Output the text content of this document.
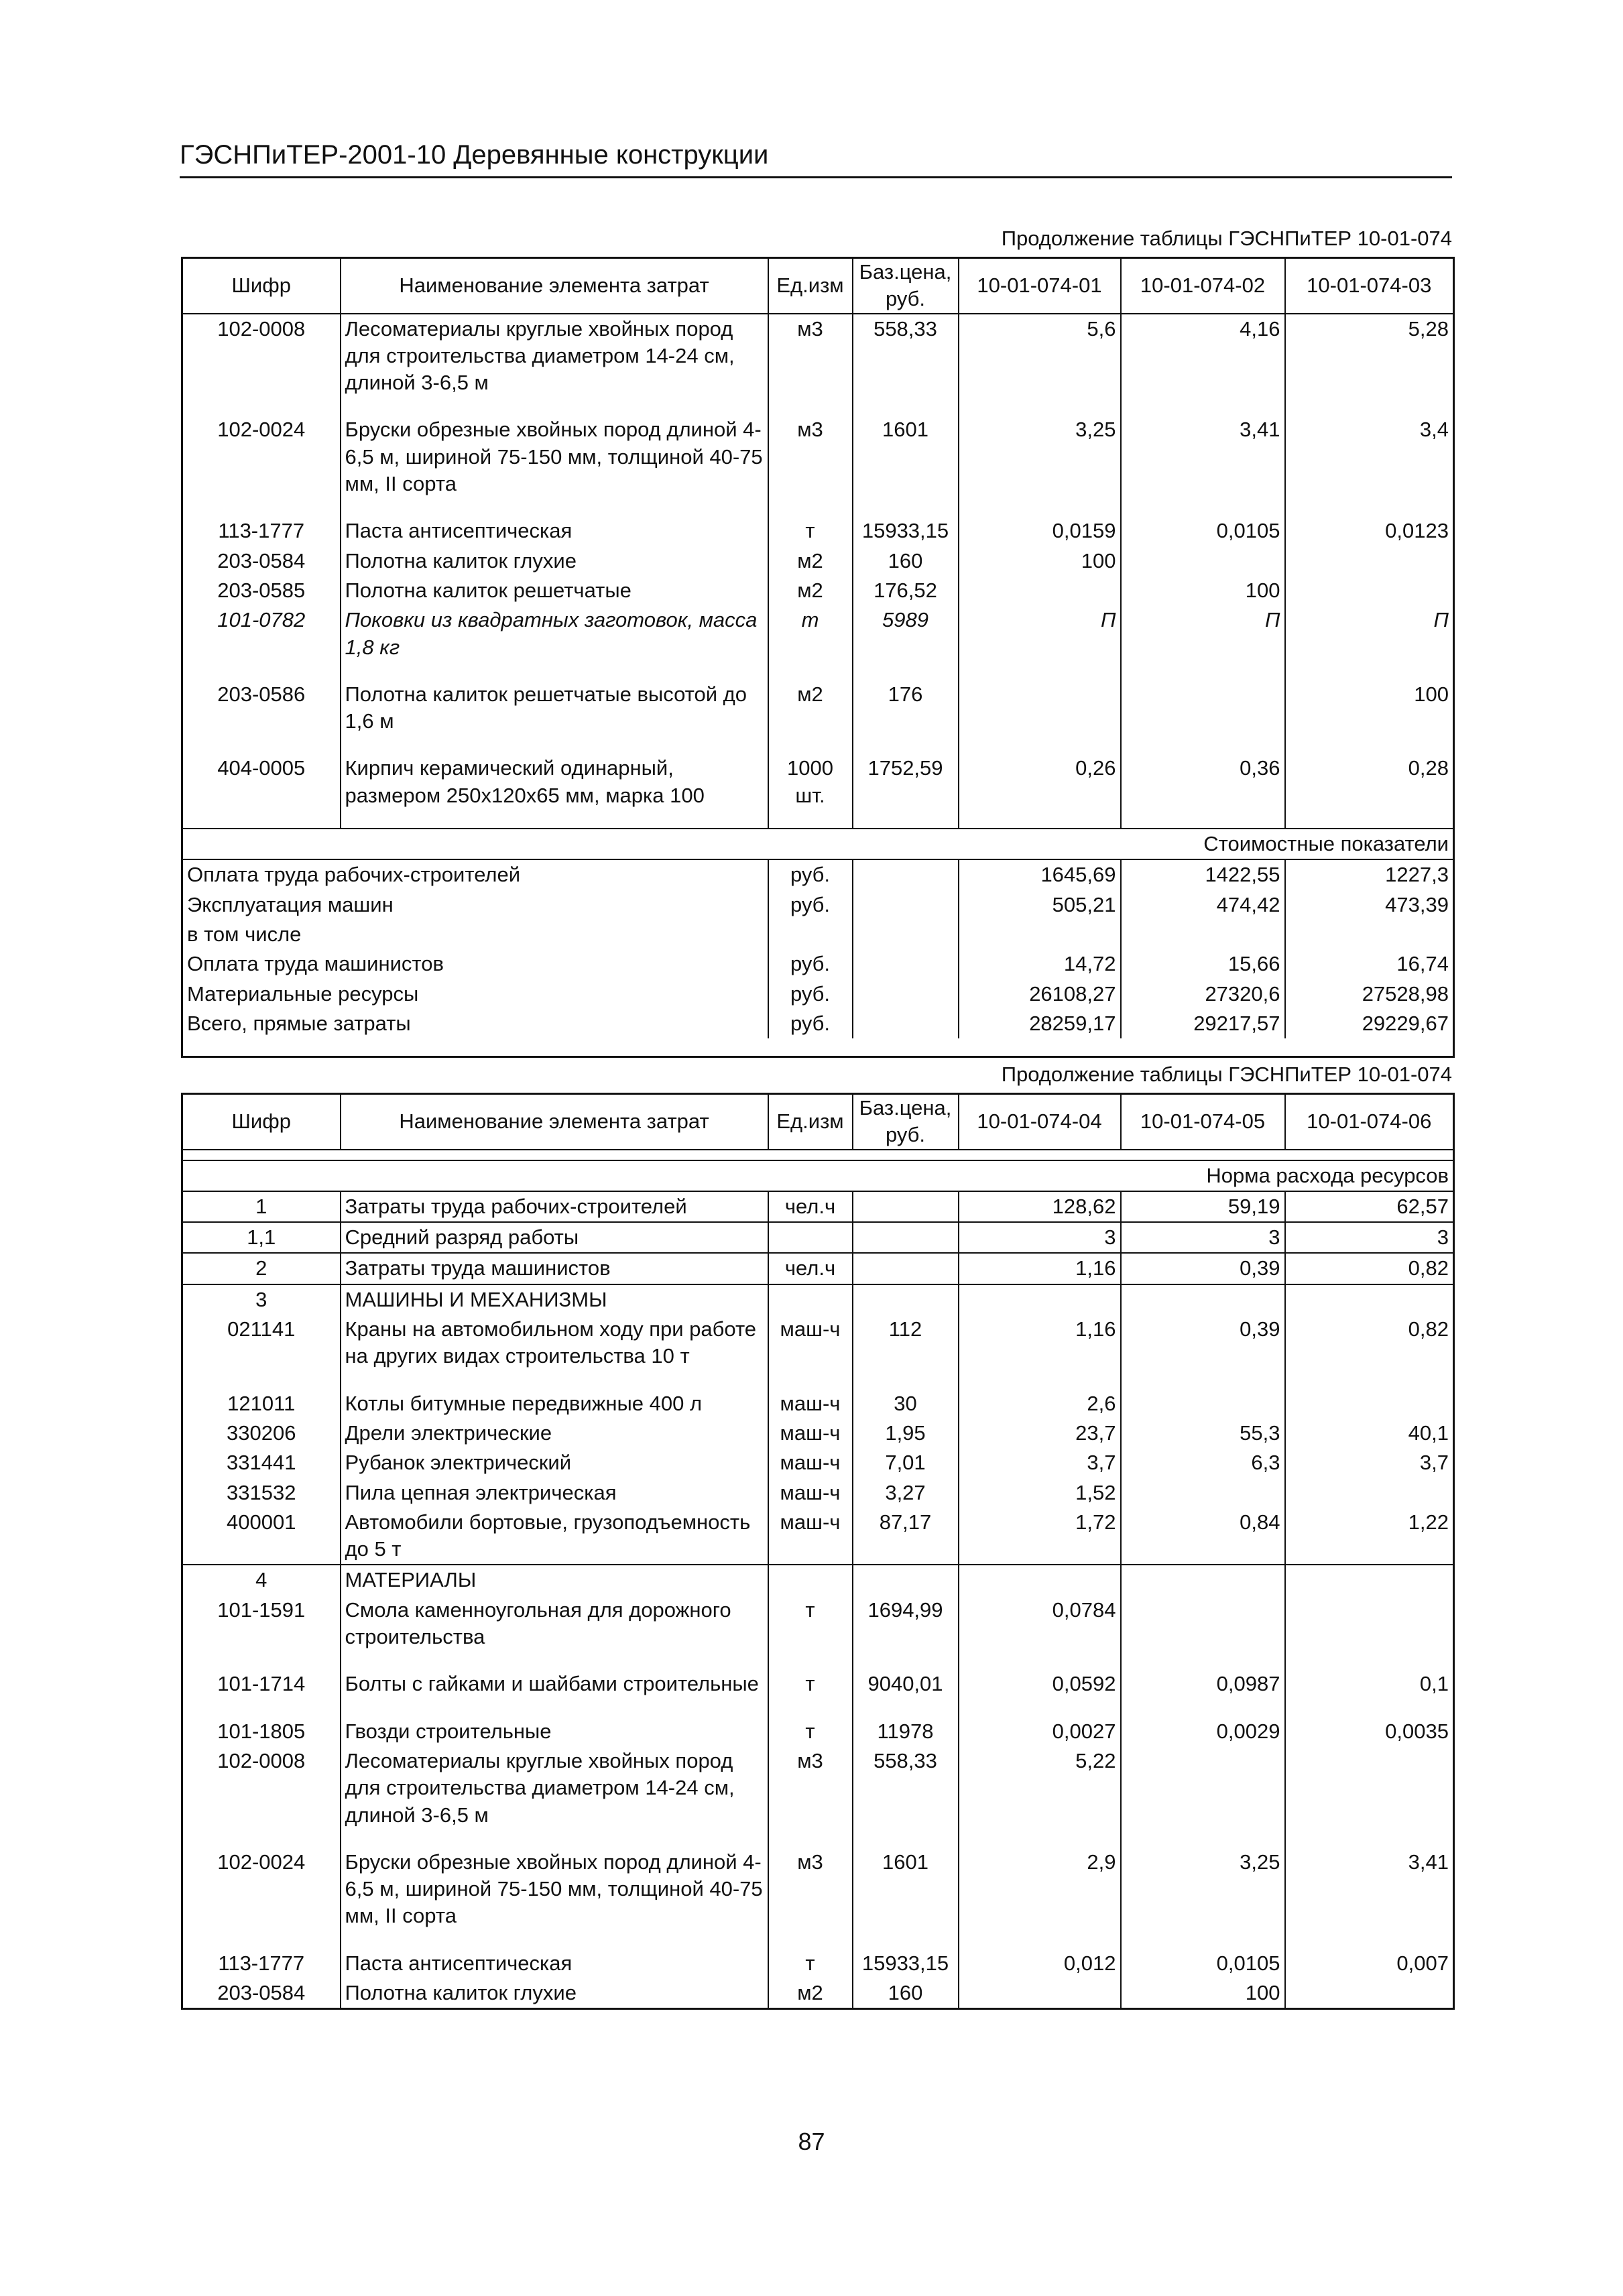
ГЭСНПиТЕР-2001-10 Деревянные конструкции
Продолжение таблицы ГЭСНПиТЕР 10-01-074
Шифр	Наименование элемента затрат	Ед.изм	Баз.цена, руб.	10-01-074-01	10-01-074-02	10-01-074-03
102-0008	Лесоматериалы круглые хвойных пород для строительства диаметром 14-24 см, длиной 3-6,5 м	м3	558,33	5,6	4,16	5,28

102-0024	Бруски обрезные хвойных пород длиной 4-6,5 м, шириной 75-150 мм, толщиной 40-75 мм, II сорта	м3	1601	3,25	3,41	3,4

113-1777	Паста антисептическая	т	15933,15	0,0159	0,0105	0,0123
203-0584	Полотна калиток глухие	м2	160	100		
203-0585	Полотна калиток решетчатые	м2	176,52		100	
101-0782	Поковки из квадратных заготовок, масса 1,8 кг	т	5989	П	П	П

203-0586	Полотна калиток решетчатые высотой до 1,6 м	м2	176			100

404-0005	Кирпич керамический одинарный, размером 250х120х65 мм, марка 100	1000 шт.	1752,59	0,26	0,36	0,28

Стоимостные показатели						
Оплата труда рабочих-строителей		руб.		1645,69	1422,55	1227,3
Эксплуатация машин		руб.		505,21	474,42	473,39
в том числе						
Оплата труда машинистов		руб.		14,72	15,66	16,74
Материальные ресурсы		руб.		26108,27	27320,6	27528,98
Всего, прямые затраты		руб.		28259,17	29217,57	29229,67

Продолжение таблицы ГЭСНПиТЕР 10-01-074
Шифр	Наименование элемента затрат	Ед.изм	Баз.цена, руб.	10-01-074-04	10-01-074-05	10-01-074-06

Норма расхода ресурсов						
1	Затраты труда рабочих-строителей	чел.ч		128,62	59,19	62,57
1,1	Средний разряд работы			3	3	3
2	Затраты труда машинистов	чел.ч		1,16	0,39	0,82
3	МАШИНЫ И МЕХАНИЗМЫ					
021141	Краны на автомобильном ходу при работе на других видах строительства 10 т	маш-ч	112	1,16	0,39	0,82

121011	Котлы битумные передвижные 400 л	маш-ч	30	2,6		
330206	Дрели электрические	маш-ч	1,95	23,7	55,3	40,1
331441	Рубанок электрический	маш-ч	7,01	3,7	6,3	3,7
331532	Пила цепная электрическая	маш-ч	3,27	1,52		
400001	Автомобили бортовые, грузоподъемность до 5 т	маш-ч	87,17	1,72	0,84	1,22
4	МАТЕРИАЛЫ					
101-1591	Смола каменноугольная для дорожного строительства	т	1694,99	0,0784		

101-1714	Болты с гайками и шайбами строительные	т	9040,01	0,0592	0,0987	0,1

101-1805	Гвозди строительные	т	11978	0,0027	0,0029	0,0035
102-0008	Лесоматериалы круглые хвойных пород для строительства диаметром 14-24 см, длиной 3-6,5 м	м3	558,33	5,22		

102-0024	Бруски обрезные хвойных пород длиной 4-6,5 м, шириной 75-150 мм, толщиной 40-75 мм, II сорта	м3	1601	2,9	3,25	3,41

113-1777	Паста антисептическая	т	15933,15	0,012	0,0105	0,007
203-0584	Полотна калиток глухие	м2	160		100	
87
